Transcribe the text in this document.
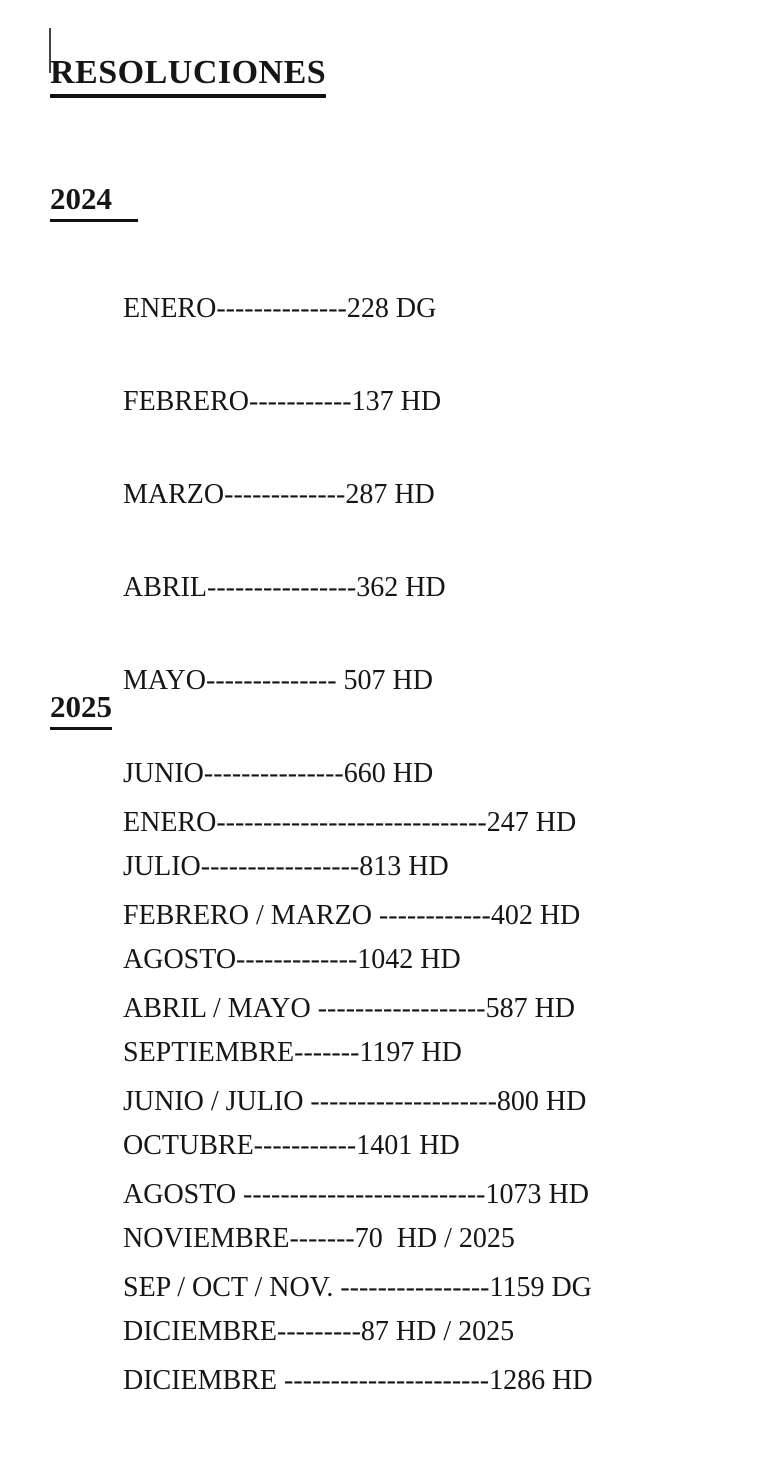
RESOLUCIONES
2024

ENERO--------------228 DG

FEBRERO-----------137 HD

MARZO-------------287 HD

ABRIL----------------362 HD

MAYO-------------- 507 HD

JUNIO---------------660 HD

JULIO-----------------813 HD

AGOSTO-------------1042 HD

SEPTIEMBRE-------1197 HD

OCTUBRE-----------1401 HD

NOVIEMBRE-------70  HD / 2025

DICIEMBRE---------87 HD / 2025

2025

ENERO-----------------------------247 HD

FEBRERO / MARZO ------------402 HD

ABRIL / MAYO ------------------587 HD

JUNIO / JULIO --------------------800 HD

AGOSTO --------------------------1073 HD

SEP / OCT / NOV. ----------------1159 DG

DICIEMBRE ----------------------1286 HD
